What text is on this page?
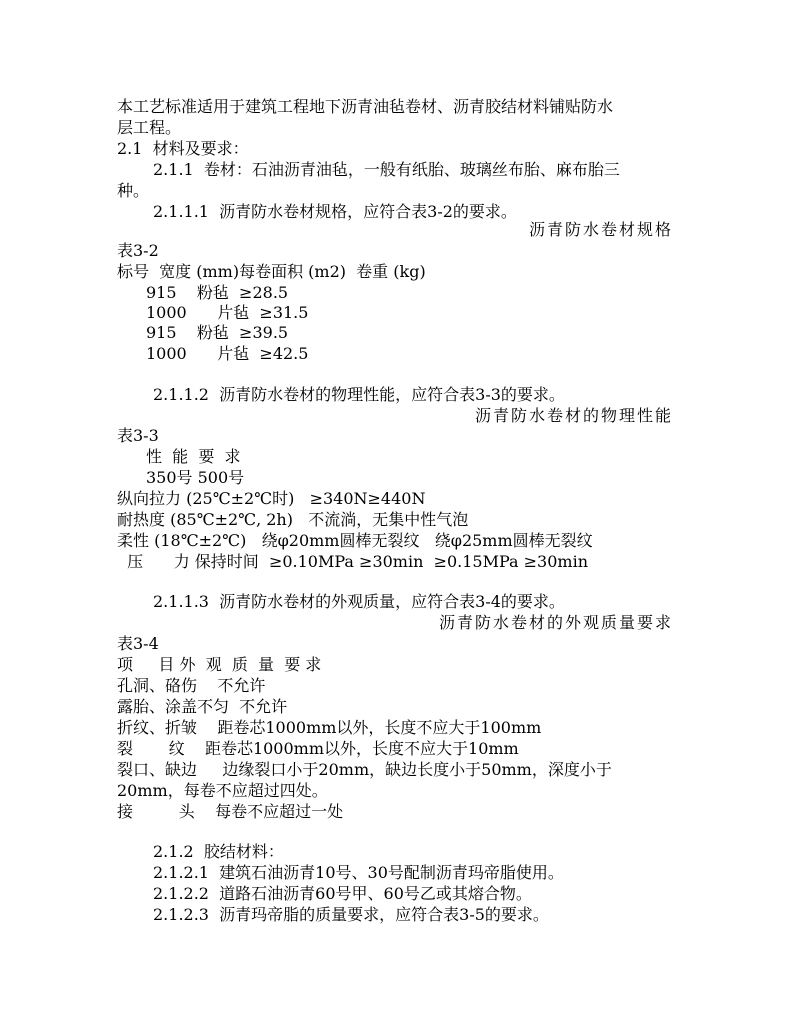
本工艺标准适用于建筑工程地下沥青油毡卷材、沥青胶结材料铺贴防水
层工程。
2.1  材料及要求：
2.1.1  卷材：石油沥青油毡，一般有纸胎、玻璃丝布胎、麻布胎三
种。
2.1.1.1  沥青防水卷材规格，应符合表3-2的要求。
沥青防水卷材规格
表3-2
标号  宽度 (mm)每卷面积 (m2)  卷重 (kg)
915    粉毡  ≥28.5
1000      片毡  ≥31.5
915    粉毡  ≥39.5
1000      片毡  ≥42.5
2.1.1.2  沥青防水卷材的物理性能，应符合表3-3的要求。
沥青防水卷材的物理性能
表3-3
性  能  要  求
350号 500号
纵向拉力 (25℃±2℃时)   ≥340N≥440N
耐热度 (85℃±2℃, 2h)   不流淌，无集中性气泡
柔性 (18℃±2℃)   绕φ20mm圆棒无裂纹   绕φ25mm圆棒无裂纹
压      力 保持时间  ≥0.10MPa ≥30min  ≥0.15MPa ≥30min
2.1.1.3  沥青防水卷材的外观质量，应符合表3-4的要求。
沥青防水卷材的外观质量要求
表3-4
项     目 外  观  质  量  要 求
孔洞、硌伤    不允许
露胎、涂盖不匀  不允许
折纹、折皱    距卷芯1000mm以外，长度不应大于100mm
裂       纹    距卷芯1000mm以外，长度不应大于10mm
裂口、缺边     边缘裂口小于20mm，缺边长度小于50mm，深度小于
20mm，每卷不应超过四处。
接         头    每卷不应超过一处
2.1.2  胶结材料：
2.1.2.1  建筑石油沥青10号、30号配制沥青玛帝脂使用。
2.1.2.2  道路石油沥青60号甲、60号乙或其熔合物。
2.1.2.3  沥青玛帝脂的质量要求，应符合表3-5的要求。
